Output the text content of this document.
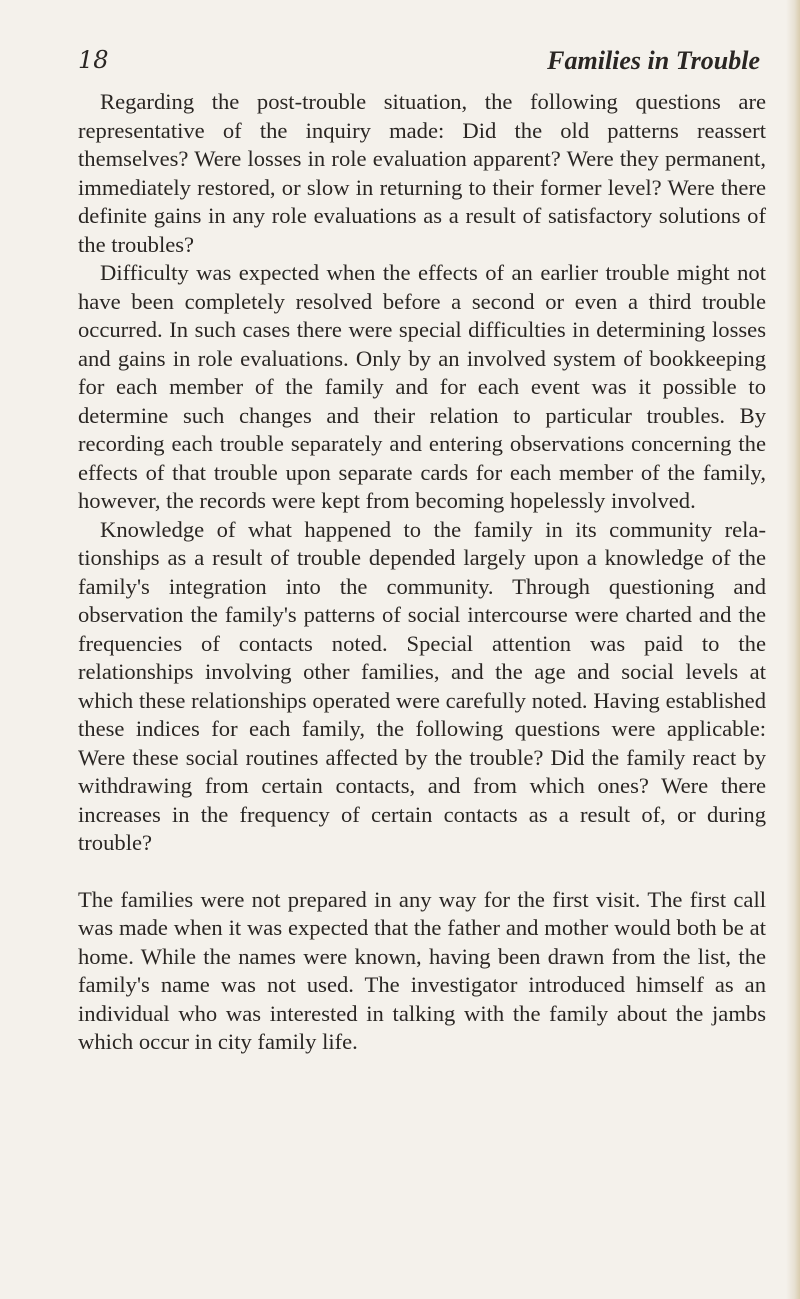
18	Families in Trouble

Regarding the post-trouble situation, the following questions are representative of the inquiry made: Did the old patterns reassert themselves? Were losses in role evaluation apparent? Were they permanent, immediately restored, or slow in returning to their former level? Were there definite gains in any role evaluations as a result of satisfactory solutions of the troubles?

Difficulty was expected when the effects of an earlier trouble might not have been completely resolved before a second or even a third trouble occurred. In such cases there were special difficulties in determining losses and gains in role evaluations. Only by an involved system of bookkeeping for each member of the family and for each event was it possible to determine such changes and their relation to particular troubles. By recording each trouble separately and entering observations concerning the effects of that trouble upon separate cards for each member of the family, however, the records were kept from becoming hopelessly involved.

Knowledge of what happened to the family in its community relationships as a result of trouble depended largely upon a knowledge of the family's integration into the community. Through questioning and observation the family's patterns of social intercourse were charted and the frequencies of contacts noted. Special attention was paid to the relationships involving other families, and the age and social levels at which these relationships operated were carefully noted. Having established these indices for each family, the following questions were applicable: Were these social routines affected by the trouble? Did the family react by withdrawing from certain contacts, and from which ones? Were there increases in the frequency of certain contacts as a result of, or during trouble?

The families were not prepared in any way for the first visit. The first call was made when it was expected that the father and mother would both be at home. While the names were known, having been drawn from the list, the family's name was not used. The investigator introduced himself as an individual who was interested in talking with the family about the jambs which occur in city family life.
